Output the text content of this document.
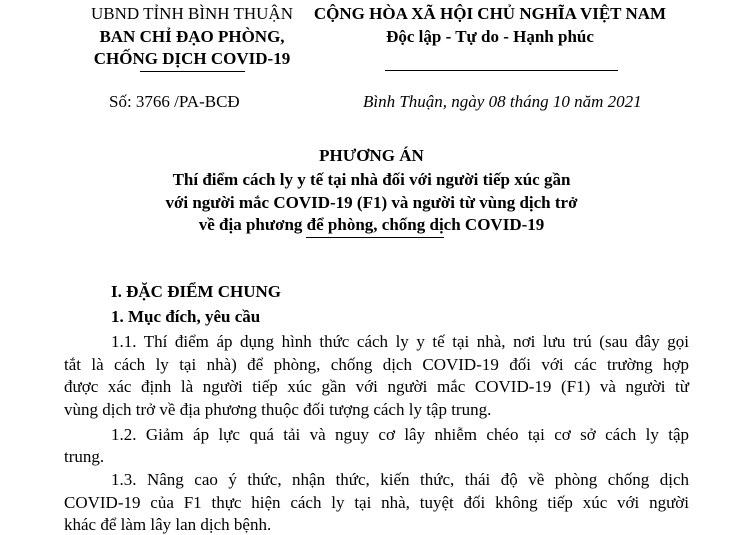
UBND TỈNH BÌNH THUẬN
BAN CHỈ ĐẠO PHÒNG,
CHỐNG DỊCH COVID-19
CỘNG HÒA XÃ HỘI CHỦ NGHĨA VIỆT NAM
Độc lập - Tự do - Hạnh phúc
Số: 3766 /PA-BCĐ	Bình Thuận, ngày 08 tháng 10 năm 2021
PHƯƠNG ÁN
Thí điểm cách ly y tế tại nhà đối với người tiếp xúc gần
với người mắc COVID-19 (F1) và người từ vùng dịch trở
về địa phương để phòng, chống dịch COVID-19
I. ĐẶC ĐIỂM CHUNG
1. Mục đích, yêu cầu
1.1. Thí điểm áp dụng hình thức cách ly y tế tại nhà, nơi lưu trú (sau đây gọi
tắt là cách ly tại nhà) để phòng, chống dịch COVID-19 đối với các trường hợp
được xác định là người tiếp xúc gần với người mắc COVID-19 (F1) và người từ
vùng dịch trở về địa phương thuộc đối tượng cách ly tập trung.
1.2. Giảm áp lực quá tải và nguy cơ lây nhiễm chéo tại cơ sở cách ly tập
trung.
1.3. Nâng cao ý thức, nhận thức, kiến thức, thái độ về phòng chống dịch
COVID-19 của F1 thực hiện cách ly tại nhà, tuyệt đối không tiếp xúc với người
khác để làm lây lan dịch bệnh.
